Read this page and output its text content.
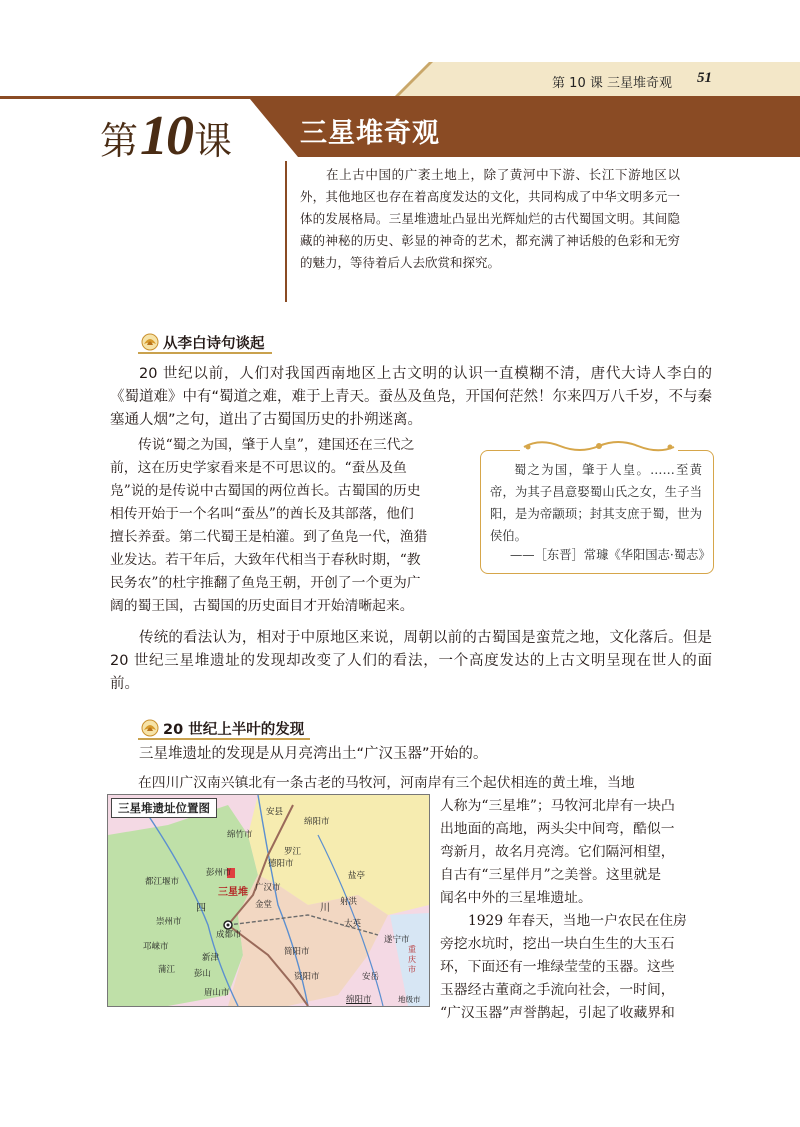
第 10 课 三星堆奇观 51
第10课	三星堆奇观
在上古中国的广袤土地上，除了黄河中下游、长江下游地区以外，其他地区也存在着高度发达的文化，共同构成了中华文明多元一体的发展格局。三星堆遗址凸显出光辉灿烂的古代蜀国文明。其间隐藏的神秘的历史、彰显的神奇的艺术，都充满了神话般的色彩和无穷的魅力，等待着后人去欣赏和探究。
从李白诗句谈起
20 世纪以前，人们对我国西南地区上古文明的认识一直模糊不清，唐代大诗人李白的《蜀道难》中有“蜀道之难，难于上青天。蚕丛及鱼凫，开国何茫然！尔来四万八千岁，不与秦塞通人烟”之句，道出了古蜀国历史的扑朔迷离。
传说“蜀之为国，肇于人皇”，建国还在三代之
前，这在历史学家看来是不可思议的。“蚕丛及鱼
凫”说的是传说中古蜀国的两位酋长。古蜀国的历史
相传开始于一个名叫“蚕丛”的酋长及其部落，他们
擅长养蚕。第二代蜀王是柏灌。到了鱼凫一代，渔猎
业发达。若干年后，大致年代相当于春秋时期，“教
民务农”的杜宇推翻了鱼凫王朝，开创了一个更为广
阔的蜀王国，古蜀国的历史面目才开始清晰起来。
蜀之为国，肇于人皇。……至黄帝，为其子昌意娶蜀山氏之女，生子当阳，是为帝颛顼；封其支庶于蜀，世为侯伯。
——［东晋］常璩《华阳国志·蜀志》
传统的看法认为，相对于中原地区来说，周朝以前的古蜀国是蛮荒之地，文化落后。但是 20 世纪三星堆遗址的发现却改变了人们的看法，一个高度发达的上古文明呈现在世人的面前。
20 世纪上半叶的发现
三星堆遗址的发现是从月亮湾出土“广汉玉器”开始的。
在四川广汉南兴镇北有一条古老的马牧河，河南岸有三个起伏相连的黄土堆，当地
人称为“三星堆”；马牧河北岸有一块凸
出地面的高地，两头尖中间弯，酷似一
弯新月，故名月亮湾。它们隔河相望，
自古有“三星伴月”之美誉。这里就是
闻名中外的三星堆遗址。
1929 年春天，当地一户农民在住房
旁挖水坑时，挖出一块白生生的大玉石
环，下面还有一堆绿莹莹的玉器。这些
玉器经古董商之手流向社会，一时间，
“广汉玉器”声誉鹊起，引起了收藏界和
三星堆遗址位置图	安县
绵阳市
绵竹市
罗江
德阳市
彭州市	盐亭
都江堰市
三星堆 广汉市
四	金堂	射洪
川
崇州市
成都市
大英
遂宁市
邛崃市
新津
简阳市
蒲江 彭山	资阳市	安岳
眉山市
重庆市
绵阳市	地级市
